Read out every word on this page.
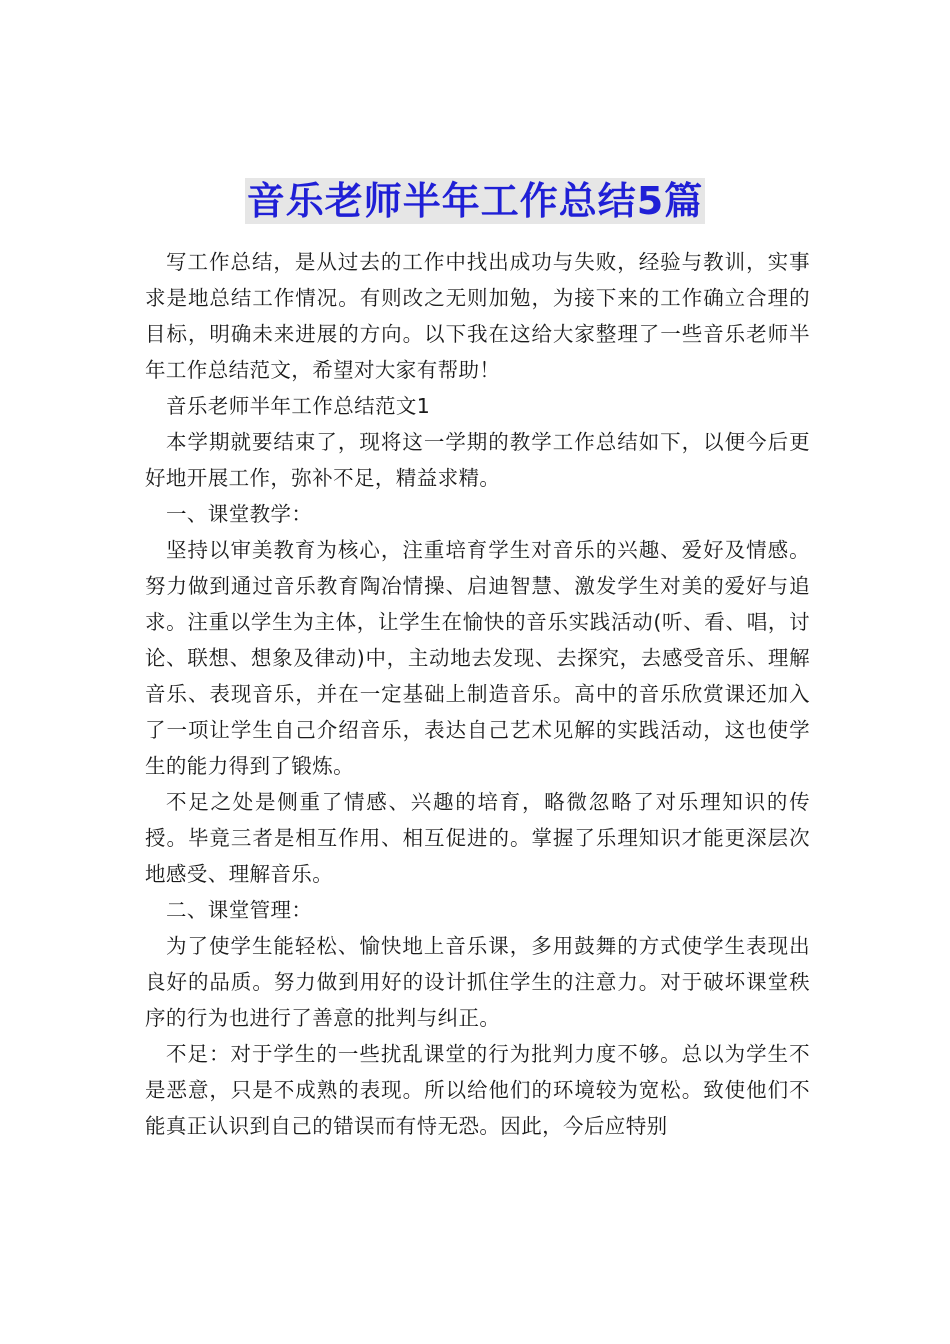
音乐老师半年工作总结5篇

写工作总结，是从过去的工作中找出成功与失败，经验与教训，实事求是地总结工作情况。有则改之无则加勉，为接下来的工作确立合理的目标，明确未来进展的方向。以下我在这给大家整理了一些音乐老师半年工作总结范文，希望对大家有帮助！

音乐老师半年工作总结范文1

本学期就要结束了，现将这一学期的教学工作总结如下，以便今后更好地开展工作，弥补不足，精益求精。

一、课堂教学：

坚持以审美教育为核心，注重培育学生对音乐的兴趣、爱好及情感。努力做到通过音乐教育陶冶情操、启迪智慧、激发学生对美的爱好与追求。注重以学生为主体，让学生在愉快的音乐实践活动(听、看、唱，讨论、联想、想象及律动)中，主动地去发现、去探究，去感受音乐、理解音乐、表现音乐，并在一定基础上制造音乐。高中的音乐欣赏课还加入了一项让学生自己介绍音乐，表达自己艺术见解的实践活动，这也使学生的能力得到了锻炼。

不足之处是侧重了情感、兴趣的培育，略微忽略了对乐理知识的传授。毕竟三者是相互作用、相互促进的。掌握了乐理知识才能更深层次地感受、理解音乐。

二、课堂管理：

为了使学生能轻松、愉快地上音乐课，多用鼓舞的方式使学生表现出良好的品质。努力做到用好的设计抓住学生的注意力。对于破坏课堂秩序的行为也进行了善意的批判与纠正。

不足：对于学生的一些扰乱课堂的行为批判力度不够。总以为学生不是恶意，只是不成熟的表现。所以给他们的环境较为宽松。致使他们不能真正认识到自己的错误而有恃无恐。因此，今后应特别
